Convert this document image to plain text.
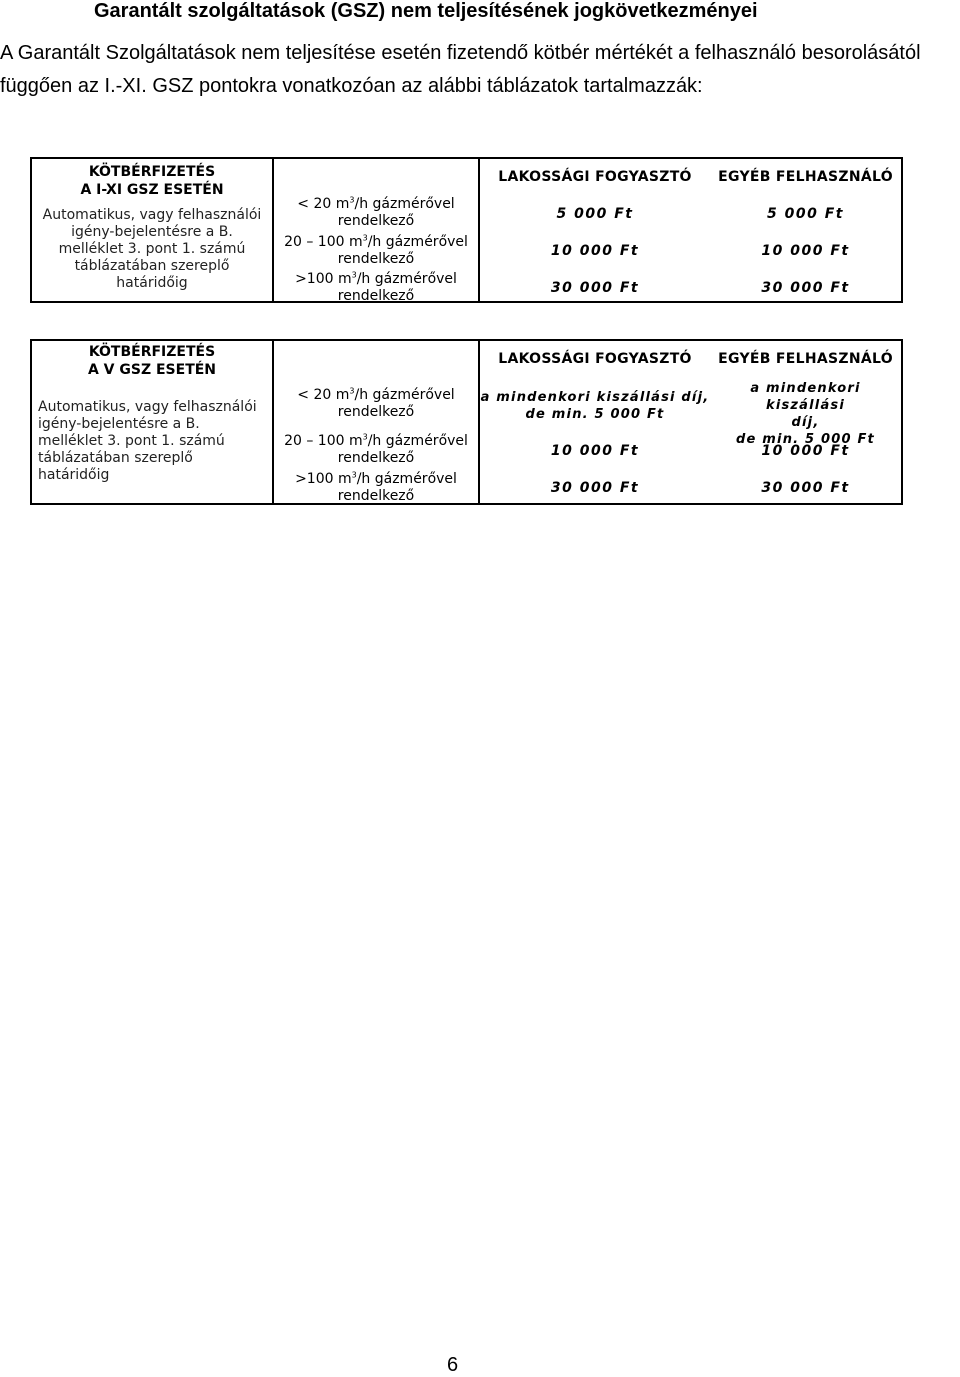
Garantált szolgáltatások (GSZ) nem teljesítésének jogkövetkezményei
A Garantált Szolgáltatások nem teljesítése esetén fizetendő kötbér mértékét a felhasználó besorolásától függően az I.-XI. GSZ pontokra vonatkozóan az alábbi táblázatok tartalmazzák:
KÖTBÉRFIZETÉS
A I-XI GSZ ESETÉN
Automatikus, vagy felhasználói igény-bejelentésre a B. melléklet 3. pont 1. számú táblázatában szereplő határidőig
< 20 $m^3/h$ gázmérővel rendelkező
20 – 100 $m^3/h$ gázmérővel rendelkező
>100 $m^3/h$ gázmérővel rendelkező
LAKOSSÁGI FOGYASZTÓ
5 000 Ft
10 000 Ft
30 000 Ft
EGYÉB FELHASZNÁLÓ
5 000 Ft
10 000 Ft
30 000 Ft
KÖTBÉRFIZETÉS
A V GSZ ESETÉN
Automatikus, vagy felhasználói igény-bejelentésre a B. melléklet 3. pont 1. számú táblázatában szereplő határidőig
< 20 $m^3/h$ gázmérővel rendelkező
20 – 100 $m^3/h$ gázmérővel rendelkező
>100 $m^3/h$ gázmérővel rendelkező
LAKOSSÁGI FOGYASZTÓ
a mindenkori kiszállási díj,
de min. 5 000 Ft
10 000 Ft
30 000 Ft
EGYÉB FELHASZNÁLÓ
a mindenkori kiszállási
díj,
de min. 5 000 Ft
10 000 Ft
30 000 Ft
6
